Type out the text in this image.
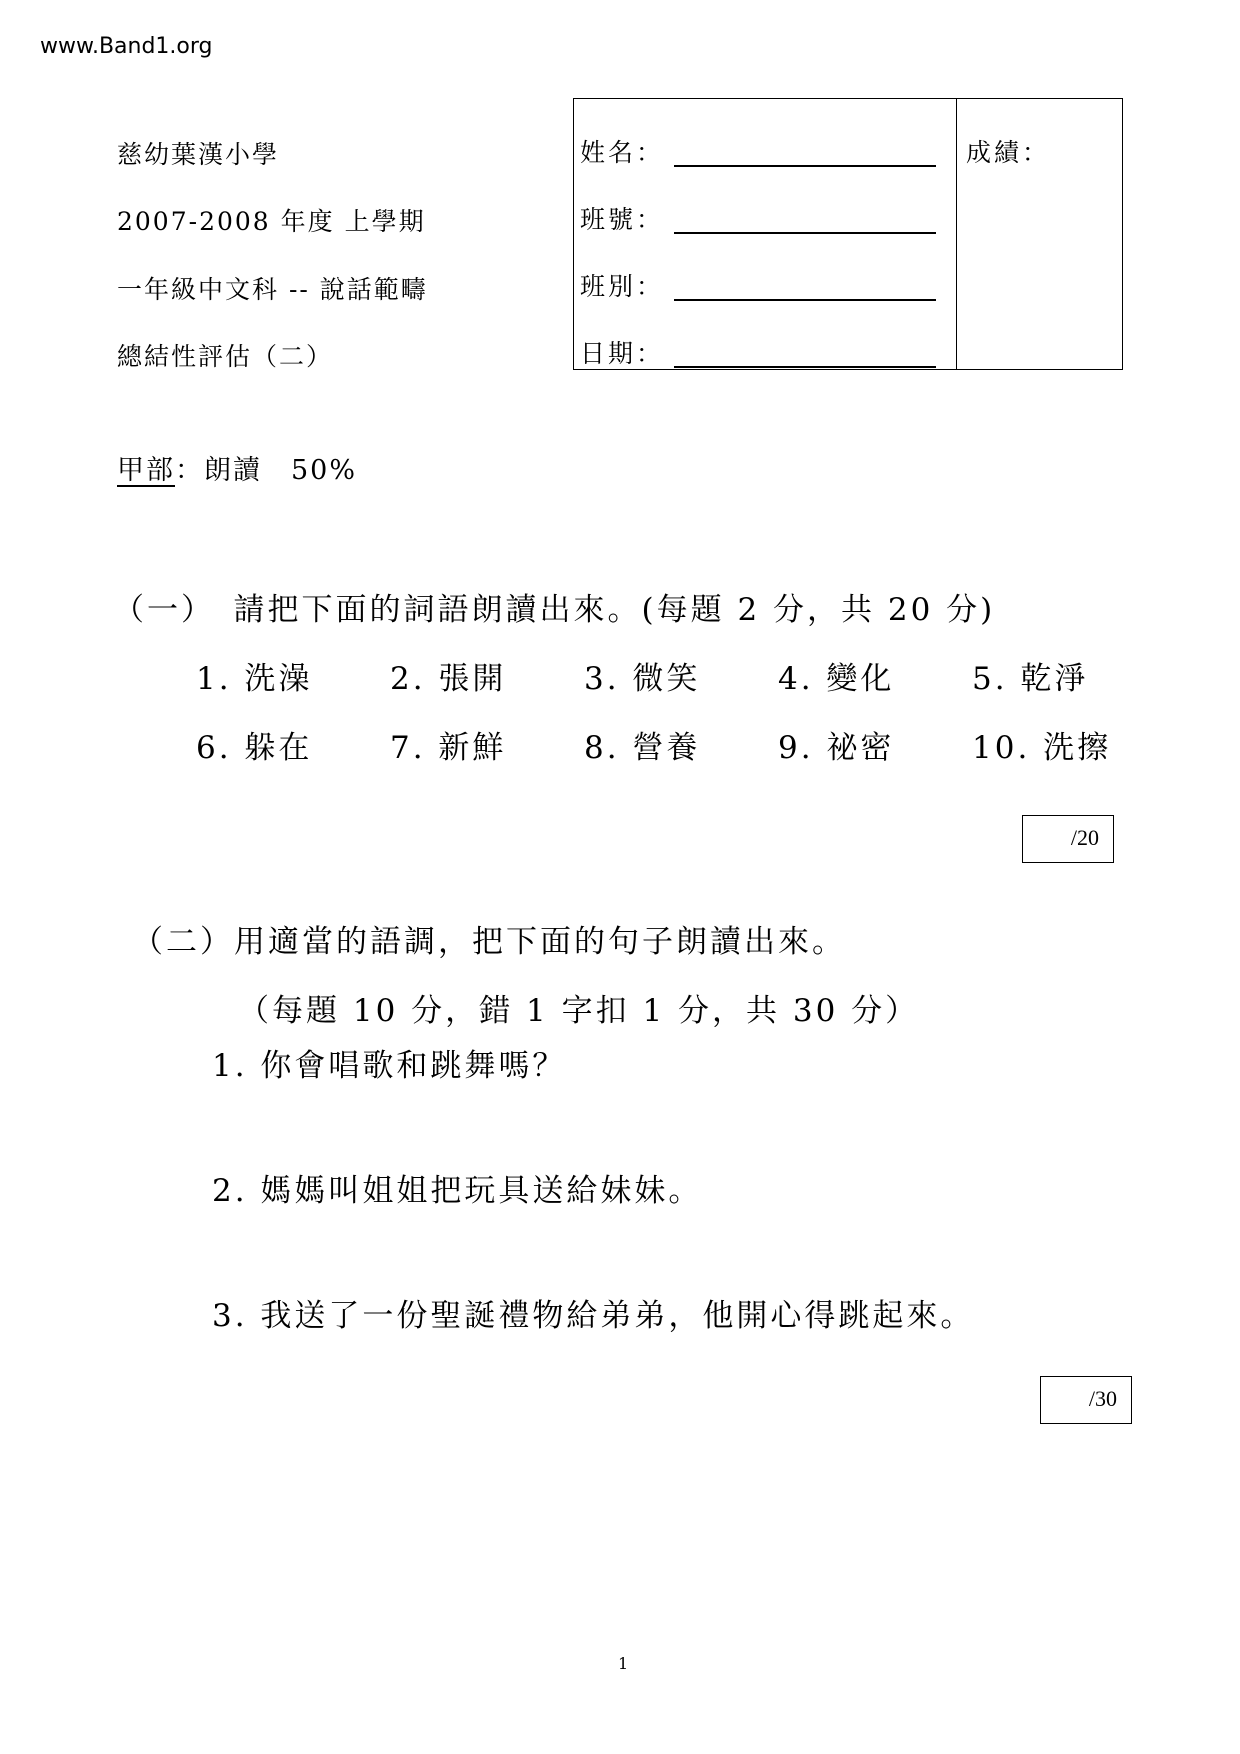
www.Band1.org
慈幼葉漢小學
2007-2008 年度 上學期
一年級中文科 -- 說話範疇
總結性評估（二）
姓名：
班號：
班別：
日期：
成績：
甲部：朗讀　50%
（一）　請把下面的詞語朗讀出來。(每題 2 分，共 20 分)
1. 洗澡	2. 張開	3. 微笑	4. 變化	5. 乾淨
6. 躲在	7. 新鮮	8. 營養	9. 祕密	10. 洗擦
/20
（二）用適當的語調，把下面的句子朗讀出來。
（每題 10 分，錯 1 字扣 1 分，共 30 分）
1. 你會唱歌和跳舞嗎？
2. 媽媽叫姐姐把玩具送給妹妹。
3. 我送了一份聖誕禮物給弟弟，他開心得跳起來。
/30
1
